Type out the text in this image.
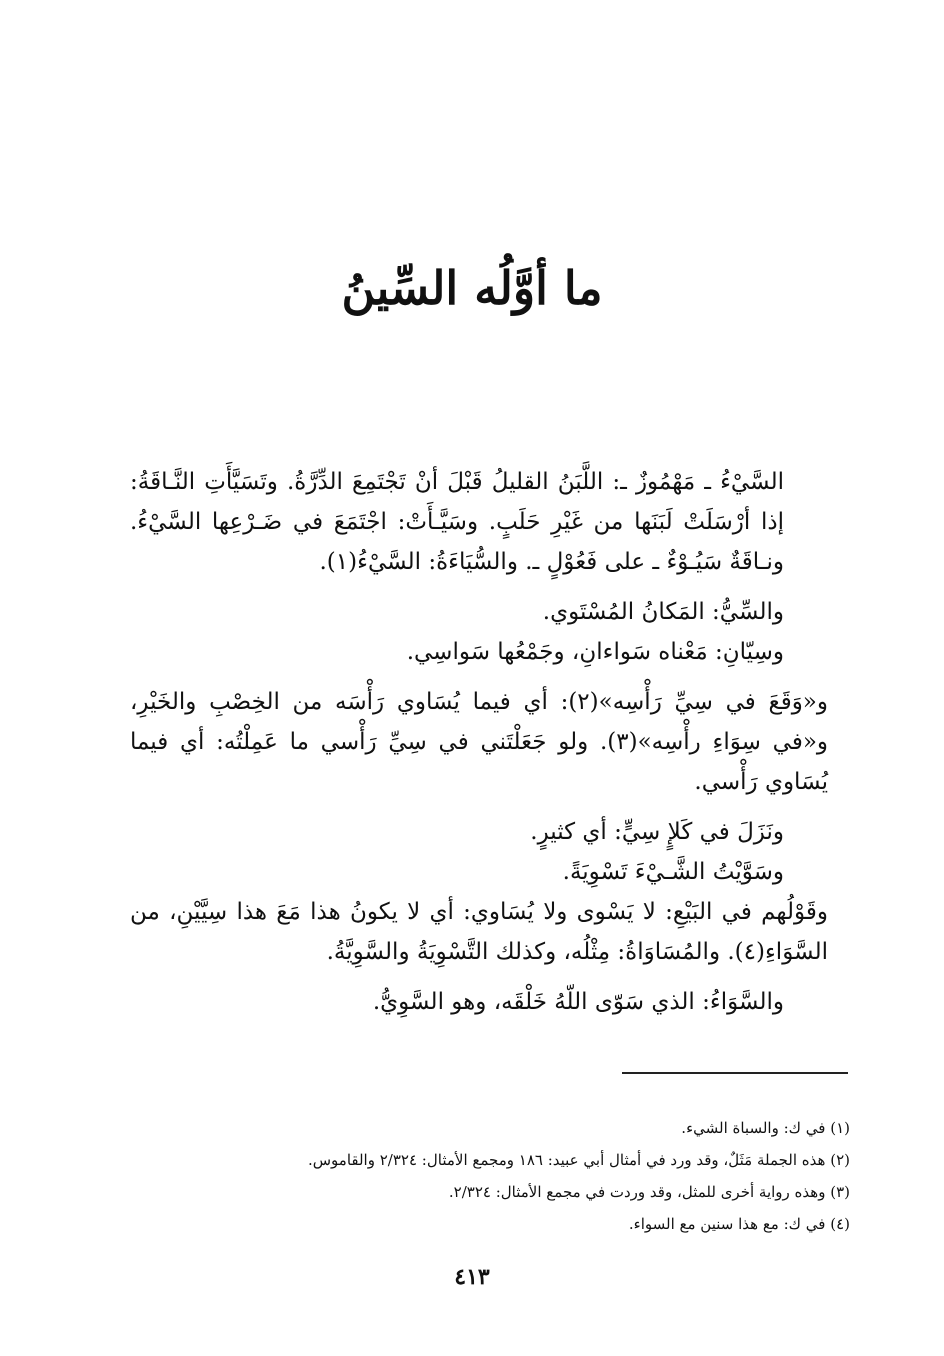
ما أوَّلُه السِّينُ

السَّيْءُ ـ مَهْمُوزٌ ـ: اللَّبَنُ القليلُ قَبْلَ أنْ تَجْتَمِعَ الدِّرَّةُ. وتَسَيَّأَتِ النَّـاقَةُ: إذا أرْسَلَتْ لَبَنَها من غَيْرِ حَلَبٍ. وسَيَّـأَتْ: اجْتَمَعَ في ضَـرْعِها السَّيْءُ. ونـاقَةٌ سَيُـوْءٌ ـ على فَعُوْلٍ ـ. والسُّيَاءَةُ: السَّيْءُ(١).

والسِّيُّ: المَكانُ المُسْتَوي.

وسِيّانِ: مَعْناه سَواءانِ، وجَمْعُها سَواسِي.

و«وَقَعَ في سِيِّ رَأْسِه»(٢): أي فيما يُسَاوي رَأْسَه من الخِصْبِ والخَيْرِ، و«في سِوَاءِ رأْسِه»(٣). ولو جَعَلْتَني في سِيِّ رَأْسي ما عَمِلْتُه: أي فيما يُسَاوي رَأْسي.

ونَزَلَ في كَلإٍ سِيٍّ: أي كثيرٍ.

وسَوَّيْتُ الشَّـيْءَ تَسْوِيَةً.

وقَوْلُهم في البَيْعِ: لا يَسْوى ولا يُسَاوي: أي لا يكونُ هذا مَعَ هذا سِيَّيْنِ، من السَّوَاءِ(٤). والمُسَاوَاةُ: مِثْلُه، وكذلك التَّسْوِيَةُ والسَّوِيَّةُ.

والسَّوَاءُ: الذي سَوّى اللّهُ خَلْقَه، وهو السَّوِيُّ.

(١) في ك: والسباة الشيء.

(٢) هذه الجملة مَثَلٌ، وقد ورد في أمثال أبي عبيد: ١٨٦ ومجمع الأمثال: ٢/٣٢٤ والقاموس.

(٣) وهذه رواية أخرى للمثل، وقد وردت في مجمع الأمثال: ٢/٣٢٤.

(٤) في ك: مع هذا سنين مع السواء.

٤١٣
